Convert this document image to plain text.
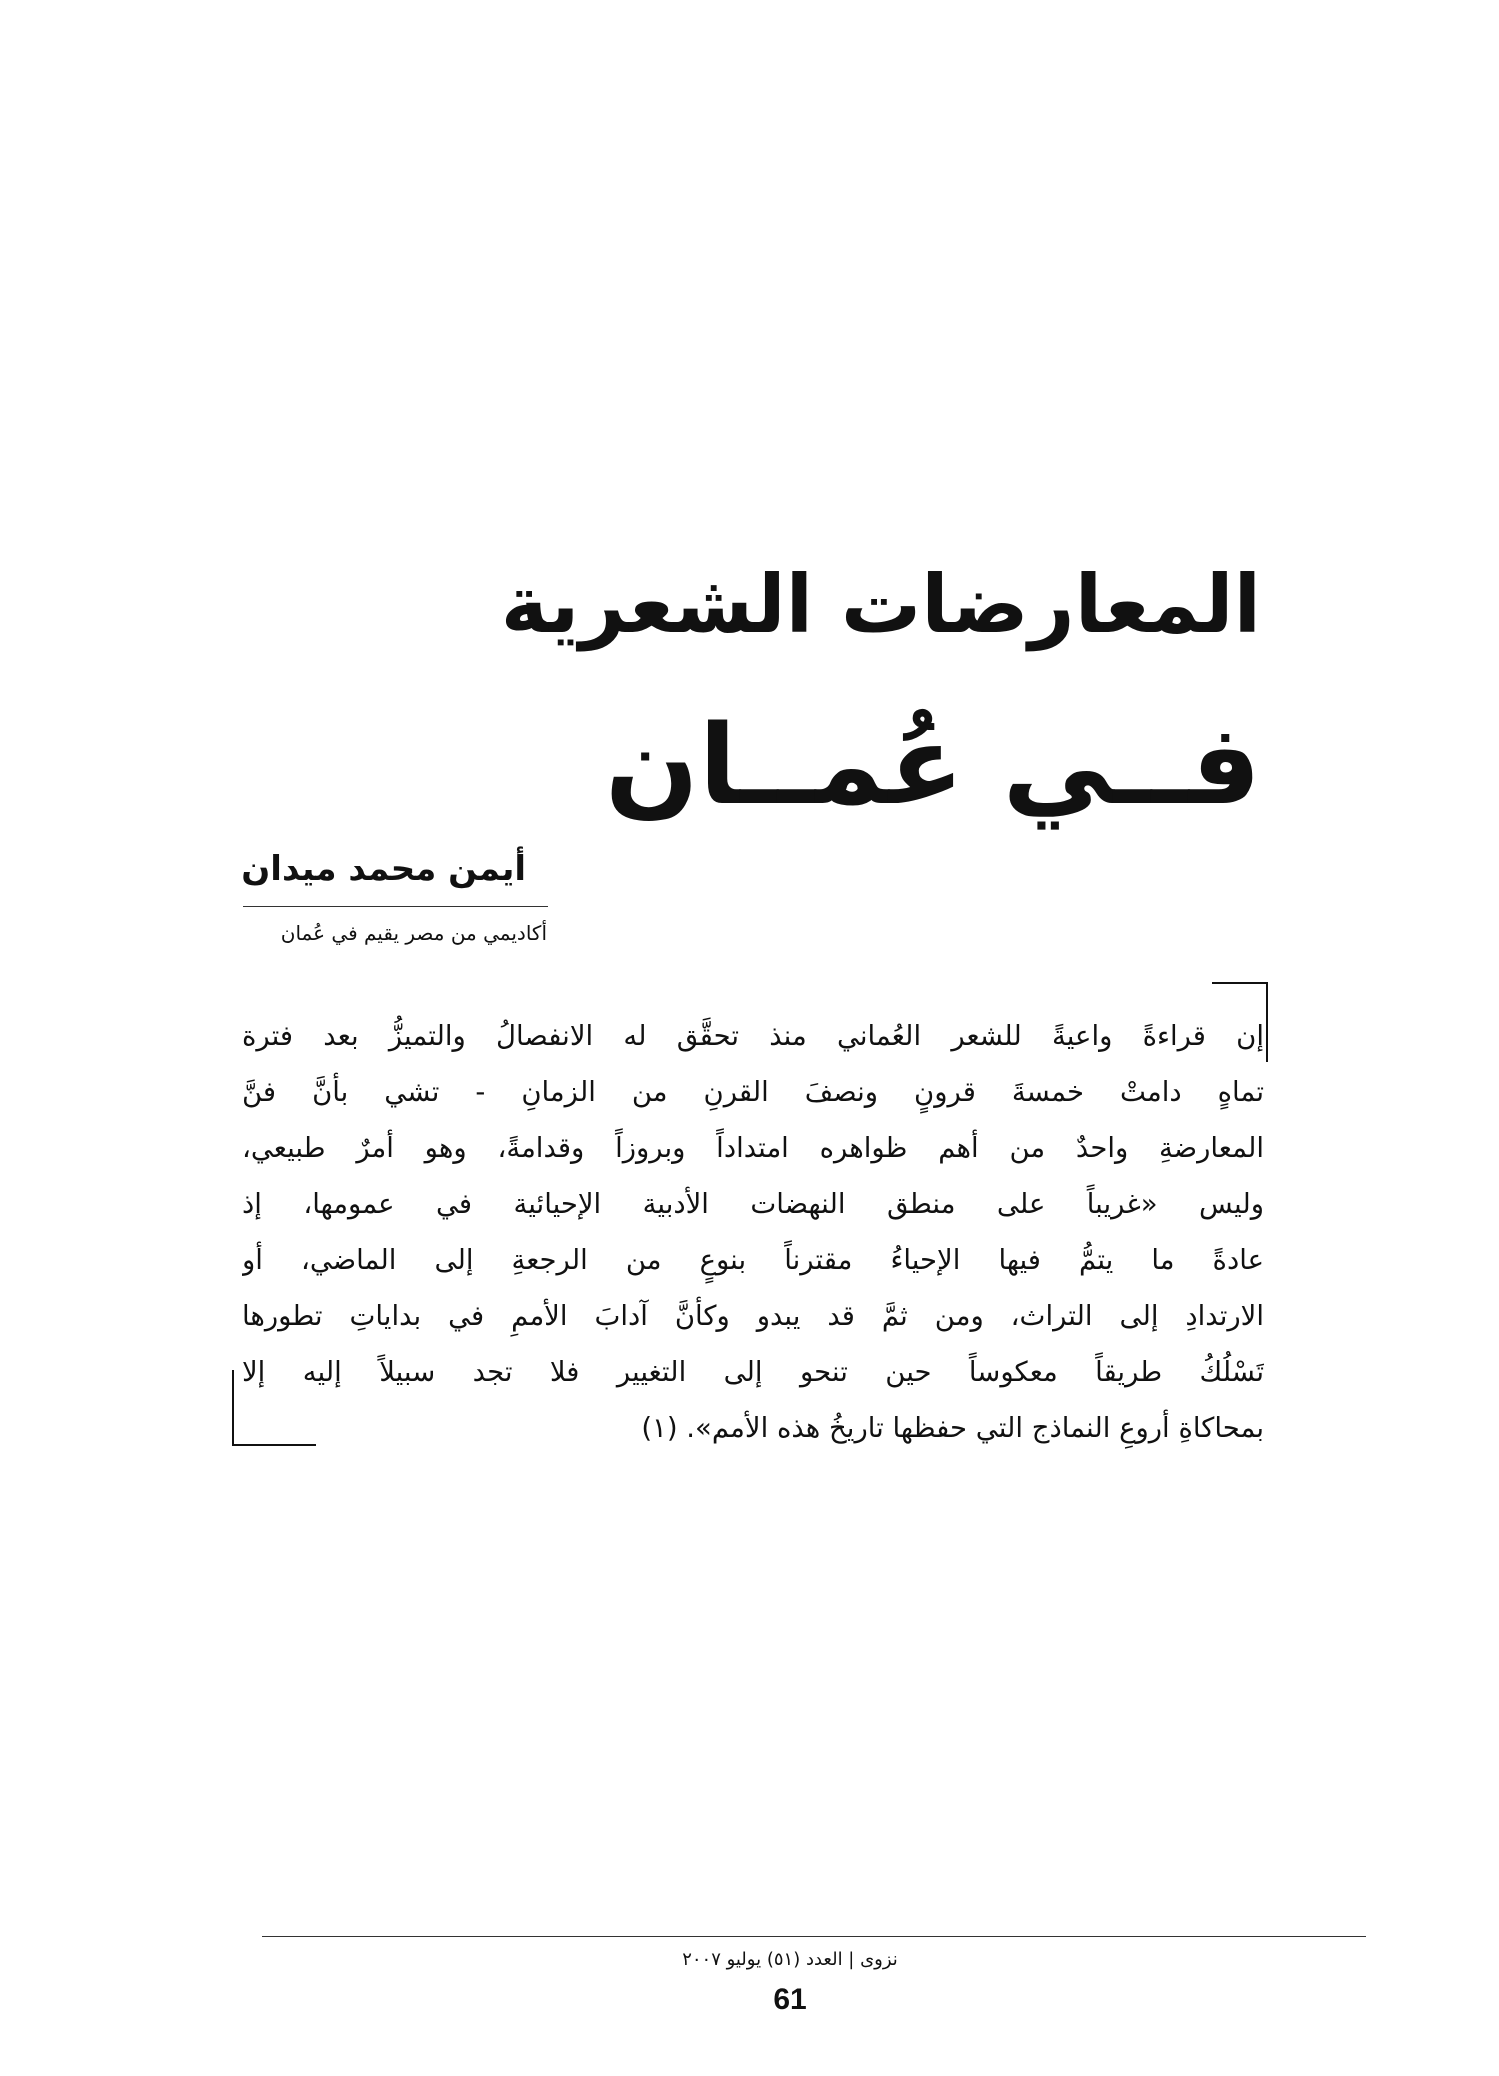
المعارضات الشعرية
فــي عُمــان
أيمن محمد ميدان
أكاديمي من مصر يقيم في عُمان
إن قراءةً واعيةً للشعر العُماني منذ تحقَّق له الانفصالُ والتميزُّ بعد فترة
تماهٍ دامتْ خمسةَ قرونٍ ونصفَ القرنِ من الزمانِ - تشي بأنَّ فنَّ
المعارضةِ واحدٌ من أهم ظواهره امتداداً وبروزاً وقدامةً، وهو أمرٌ طبيعي،
وليس «غريباً على منطق النهضات الأدبية الإحيائية في عمومها، إذ
عادةً ما يتمُّ فيها الإحياءُ مقترناً بنوعٍ من الرجعةِ إلى الماضي، أو
الارتدادِ إلى التراث، ومن ثمَّ قد يبدو وكأنَّ آدابَ الأممِ في بداياتِ تطورها
تَسْلُكُ طريقاً معكوساً حين تنحو إلى التغيير فلا تجد سبيلاً إليه إلا
بمحاكاةِ أروعِ النماذج التي حفظها تاريخُ هذه الأمم». (١)
نزوى | العدد (٥١) يوليو ٢٠٠٧
61
